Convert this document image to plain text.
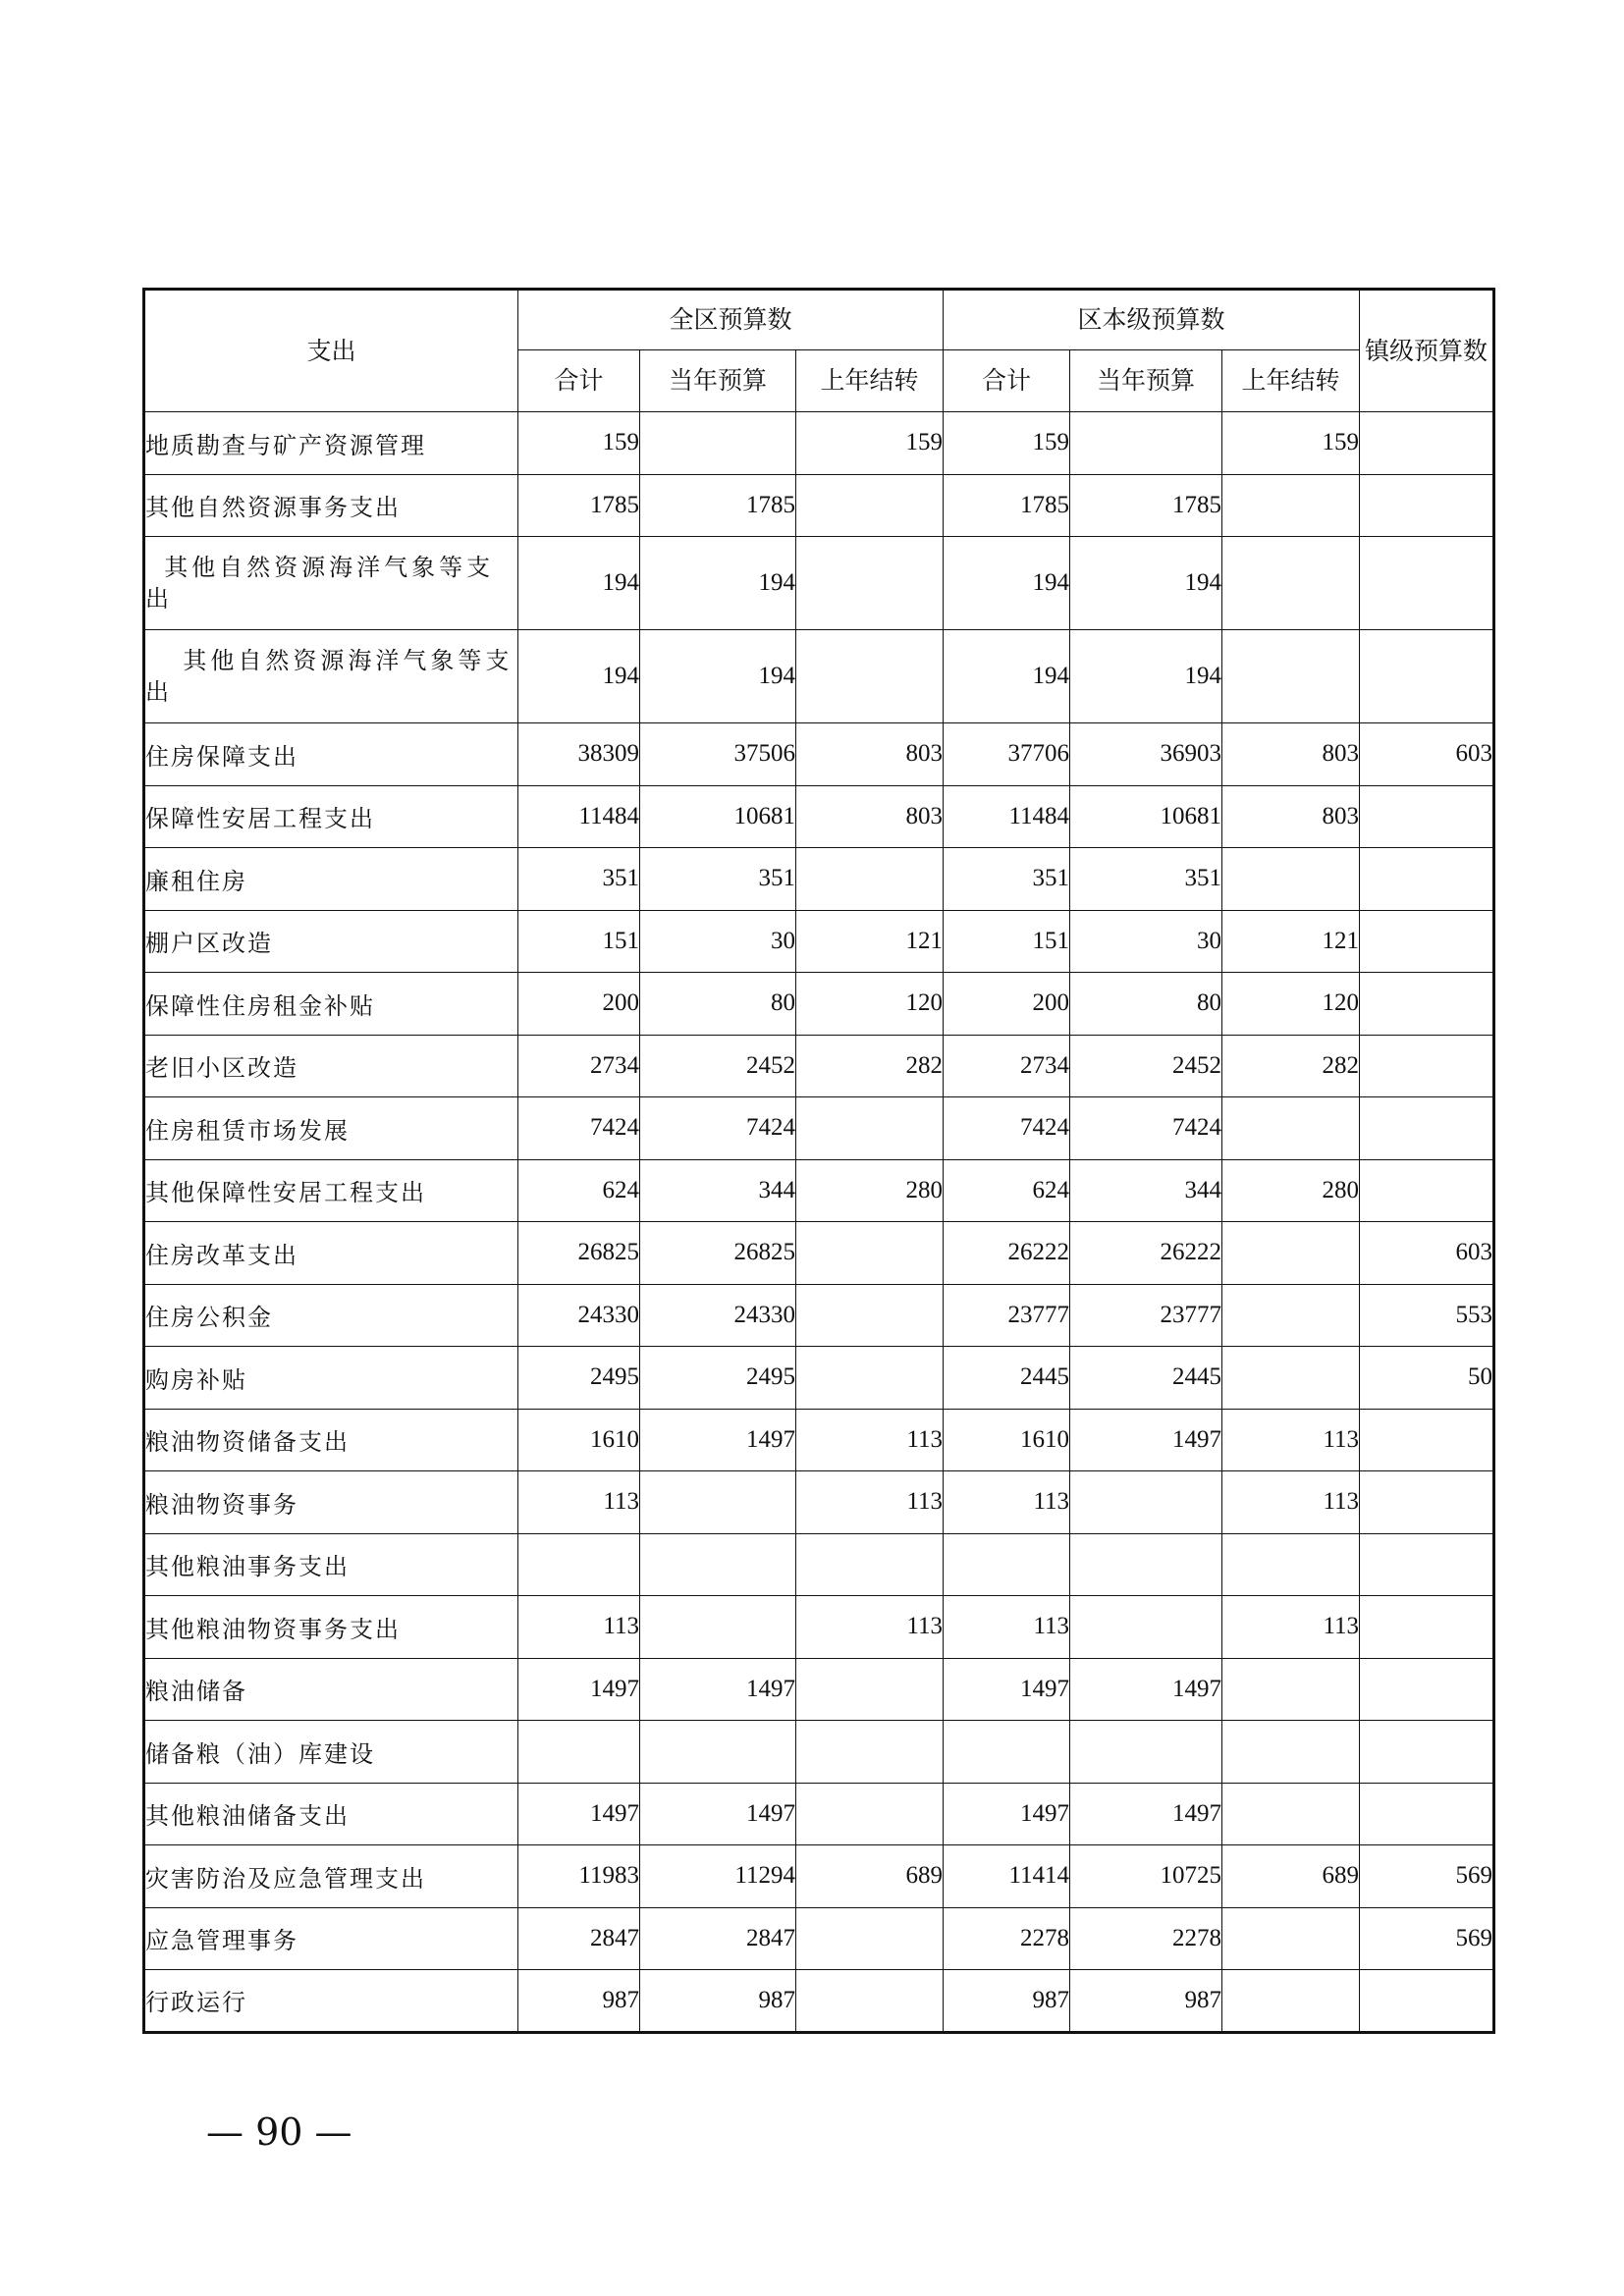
支出	全区预算数			区本级预算数			镇级预算数

	合计	当年预算	上年结转	合计	当年预算	上年结转	
地质勘查与矿产资源管理	159		159	159		159	
其他自然资源事务支出	1785	1785		1785	1785		
其他自然资源海洋气象等支出	194	194		194	194		
其他自然资源海洋气象等支出	194	194		194	194		
住房保障支出	38309	37506	803	37706	36903	803	603
保障性安居工程支出	11484	10681	803	11484	10681	803	
廉租住房	351	351		351	351		
棚户区改造	151	30	121	151	30	121	
保障性住房租金补贴	200	80	120	200	80	120	
老旧小区改造	2734	2452	282	2734	2452	282	
住房租赁市场发展	7424	7424		7424	7424		
其他保障性安居工程支出	624	344	280	624	344	280	
住房改革支出	26825	26825		26222	26222		603
住房公积金	24330	24330		23777	23777		553
购房补贴	2495	2495		2445	2445		50
粮油物资储备支出	1610	1497	113	1610	1497	113	
粮油物资事务	113		113	113		113	
其他粮油事务支出							
其他粮油物资事务支出	113		113	113		113	
粮油储备	1497	1497		1497	1497		
储备粮（油）库建设							
其他粮油储备支出	1497	1497		1497	1497		
灾害防治及应急管理支出	11983	11294	689	11414	10725	689	569
应急管理事务	2847	2847		2278	2278		569
行政运行	987	987		987	987		
— 90 —
